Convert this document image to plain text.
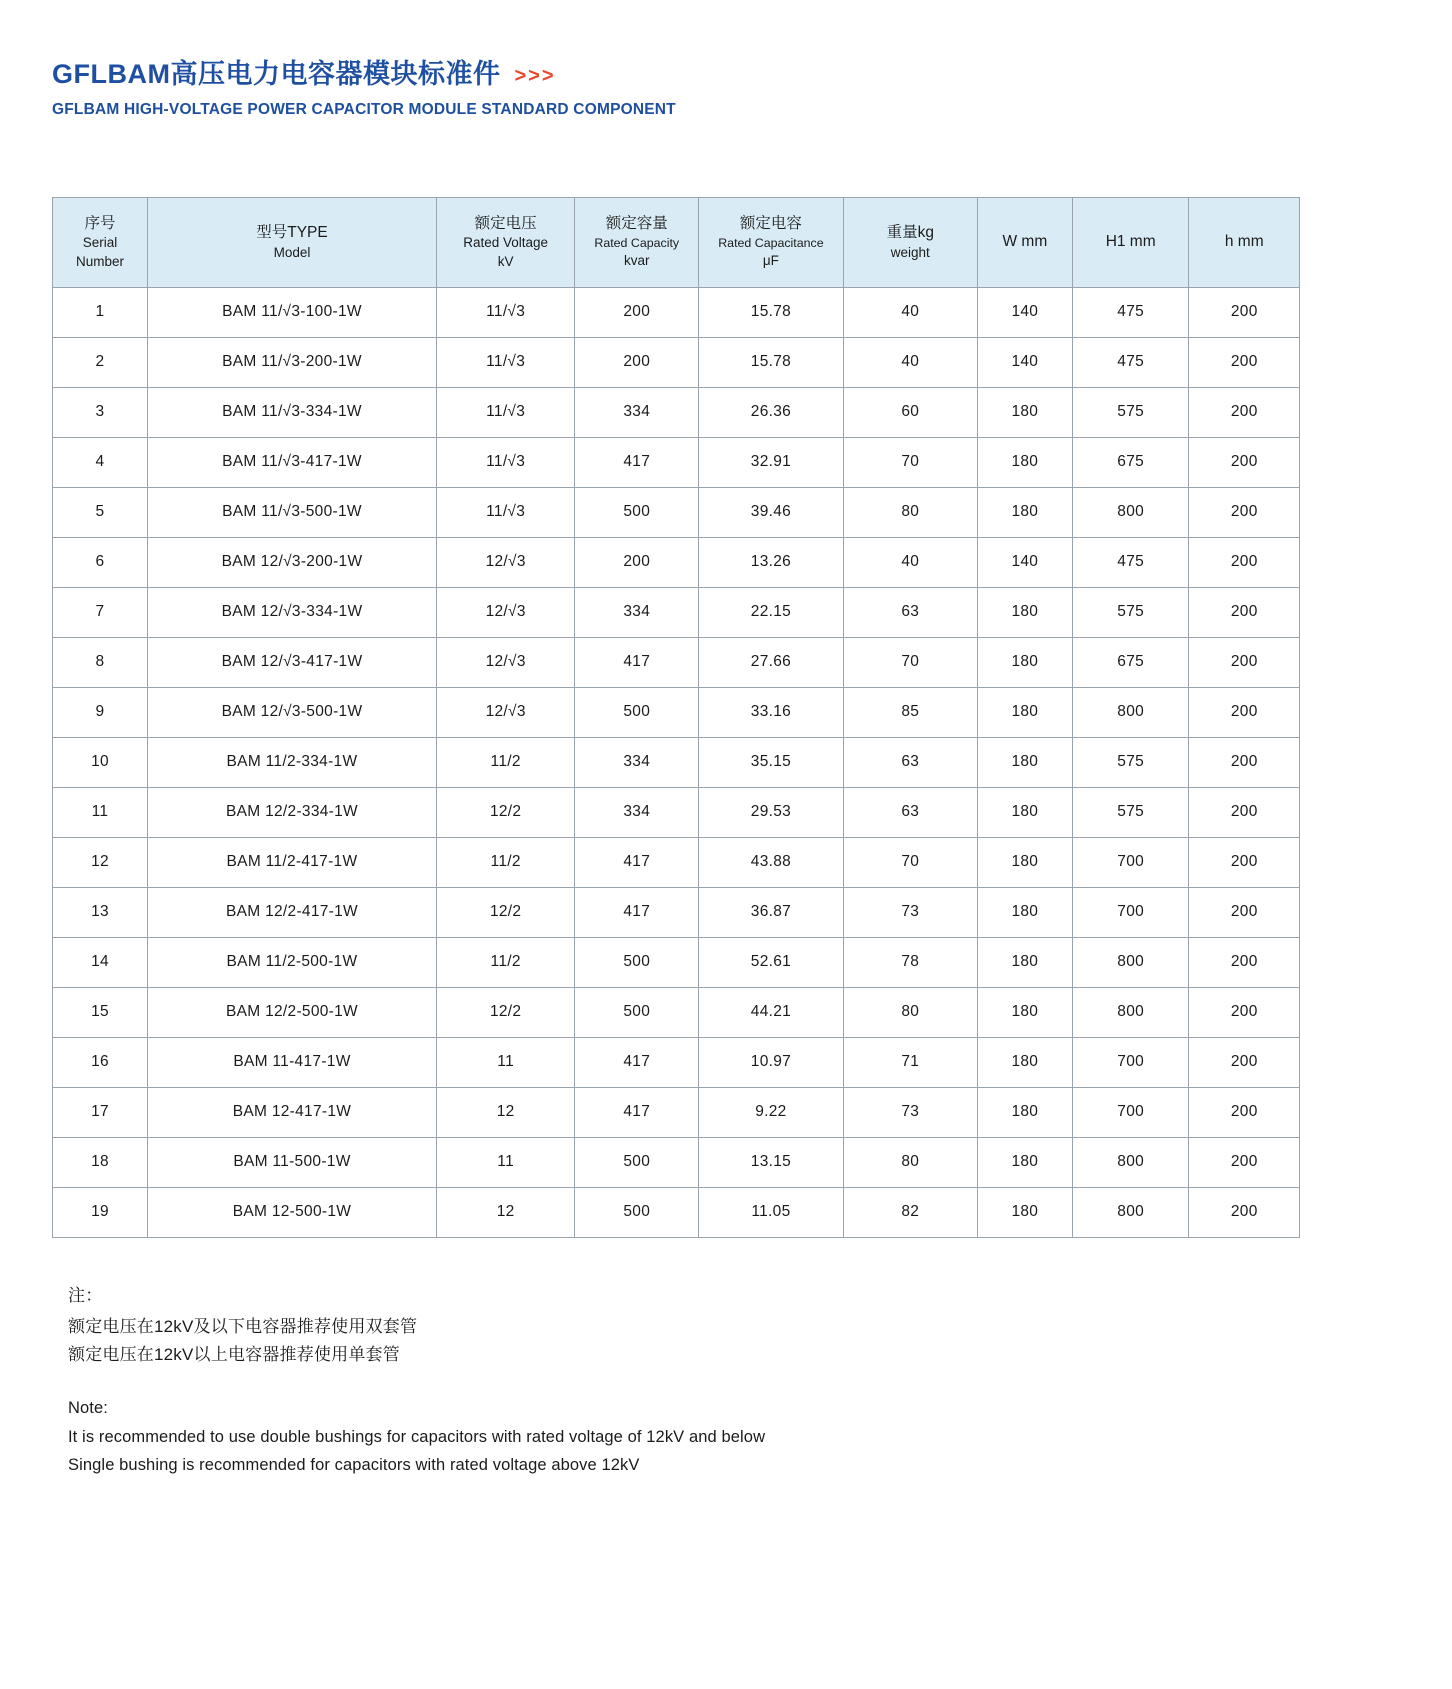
GFLBAM高压电力电容器模块标准件 >>>
GFLBAM HIGH-VOLTAGE POWER CAPACITOR MODULE STANDARD COMPONENT
序号
Serial
Number	型号TYPE
Model	额定电压
Rated Voltage
kV	额定容量
Rated Capacity
kvar	额定电容
Rated Capacitance
μF	重量kg
weight	W mm	H1 mm	h mm

1	BAM 11/√3-100-1W	11/√3	200	15.78	40	140	475	200
2	BAM 11/√3-200-1W	11/√3	200	15.78	40	140	475	200
3	BAM 11/√3-334-1W	11/√3	334	26.36	60	180	575	200
4	BAM 11/√3-417-1W	11/√3	417	32.91	70	180	675	200
5	BAM 11/√3-500-1W	11/√3	500	39.46	80	180	800	200
6	BAM 12/√3-200-1W	12/√3	200	13.26	40	140	475	200
7	BAM 12/√3-334-1W	12/√3	334	22.15	63	180	575	200
8	BAM 12/√3-417-1W	12/√3	417	27.66	70	180	675	200
9	BAM 12/√3-500-1W	12/√3	500	33.16	85	180	800	200
10	BAM 11/2-334-1W	11/2	334	35.15	63	180	575	200
11	BAM 12/2-334-1W	12/2	334	29.53	63	180	575	200
12	BAM 11/2-417-1W	11/2	417	43.88	70	180	700	200
13	BAM 12/2-417-1W	12/2	417	36.87	73	180	700	200
14	BAM 11/2-500-1W	11/2	500	52.61	78	180	800	200
15	BAM 12/2-500-1W	12/2	500	44.21	80	180	800	200
16	BAM 11-417-1W	11	417	10.97	71	180	700	200
17	BAM 12-417-1W	12	417	9.22	73	180	700	200
18	BAM 11-500-1W	11	500	13.15	80	180	800	200
19	BAM 12-500-1W	12	500	11.05	82	180	800	200
注：
额定电压在12kV及以下电容器推荐使用双套管
额定电压在12kV以上电容器推荐使用单套管
Note:
It is recommended to use double bushings for capacitors with rated voltage of 12kV and below
Single bushing is recommended for capacitors with rated voltage above 12kV
